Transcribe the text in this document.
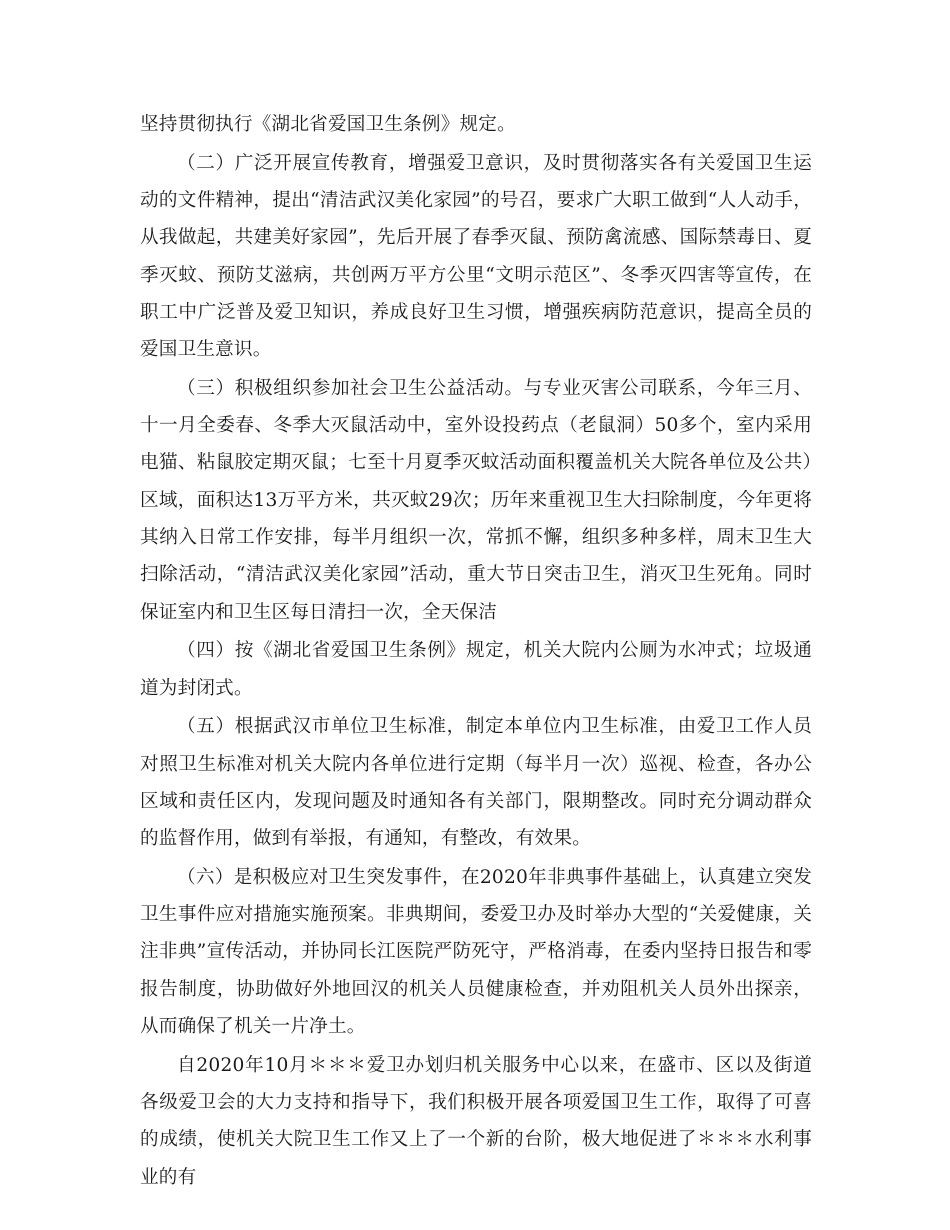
坚持贯彻执行《湖北省爱国卫生条例》规定。

（二）广泛开展宣传教育，增强爱卫意识，及时贯彻落实各有关爱国卫生运动的文件精神，提出“清洁武汉美化家园”的号召，要求广大职工做到“人人动手，从我做起，共建美好家园”，先后开展了春季灭鼠、预防禽流感、国际禁毒日、夏季灭蚊、预防艾滋病，共创两万平方公里“文明示范区”、冬季灭四害等宣传，在职工中广泛普及爱卫知识，养成良好卫生习惯，增强疾病防范意识，提高全员的爱国卫生意识。

（三）积极组织参加社会卫生公益活动。与专业灭害公司联系，今年三月、十一月全委春、冬季大灭鼠活动中，室外设投药点（老鼠洞）50多个，室内采用电猫、粘鼠胶定期灭鼠；七至十月夏季灭蚊活动面积覆盖机关大院各单位及公共）区域，面积达13万平方米，共灭蚊29次；历年来重视卫生大扫除制度，今年更将其纳入日常工作安排，每半月组织一次，常抓不懈，组织多种多样，周末卫生大扫除活动，“清洁武汉美化家园”活动，重大节日突击卫生，消灭卫生死角。同时保证室内和卫生区每日清扫一次，全天保洁

（四）按《湖北省爱国卫生条例》规定，机关大院内公厕为水冲式；垃圾通道为封闭式。

（五）根据武汉市单位卫生标准，制定本单位内卫生标准，由爱卫工作人员对照卫生标准对机关大院内各单位进行定期（每半月一次）巡视、检查，各办公区域和责任区内，发现问题及时通知各有关部门，限期整改。同时充分调动群众的监督作用，做到有举报，有通知，有整改，有效果。

（六）是积极应对卫生突发事件，在2020年非典事件基础上，认真建立突发卫生事件应对措施实施预案。非典期间，委爱卫办及时举办大型的“关爱健康，关注非典”宣传活动，并协同长江医院严防死守，严格消毒，在委内坚持日报告和零报告制度，协助做好外地回汉的机关人员健康检查，并劝阻机关人员外出探亲，从而确保了机关一片净土。

自2020年10月＊＊＊爱卫办划归机关服务中心以来，在盛市、区以及街道各级爱卫会的大力支持和指导下，我们积极开展各项爱国卫生工作，取得了可喜的成绩，使机关大院卫生工作又上了一个新的台阶，极大地促进了＊＊＊水利事业的有
